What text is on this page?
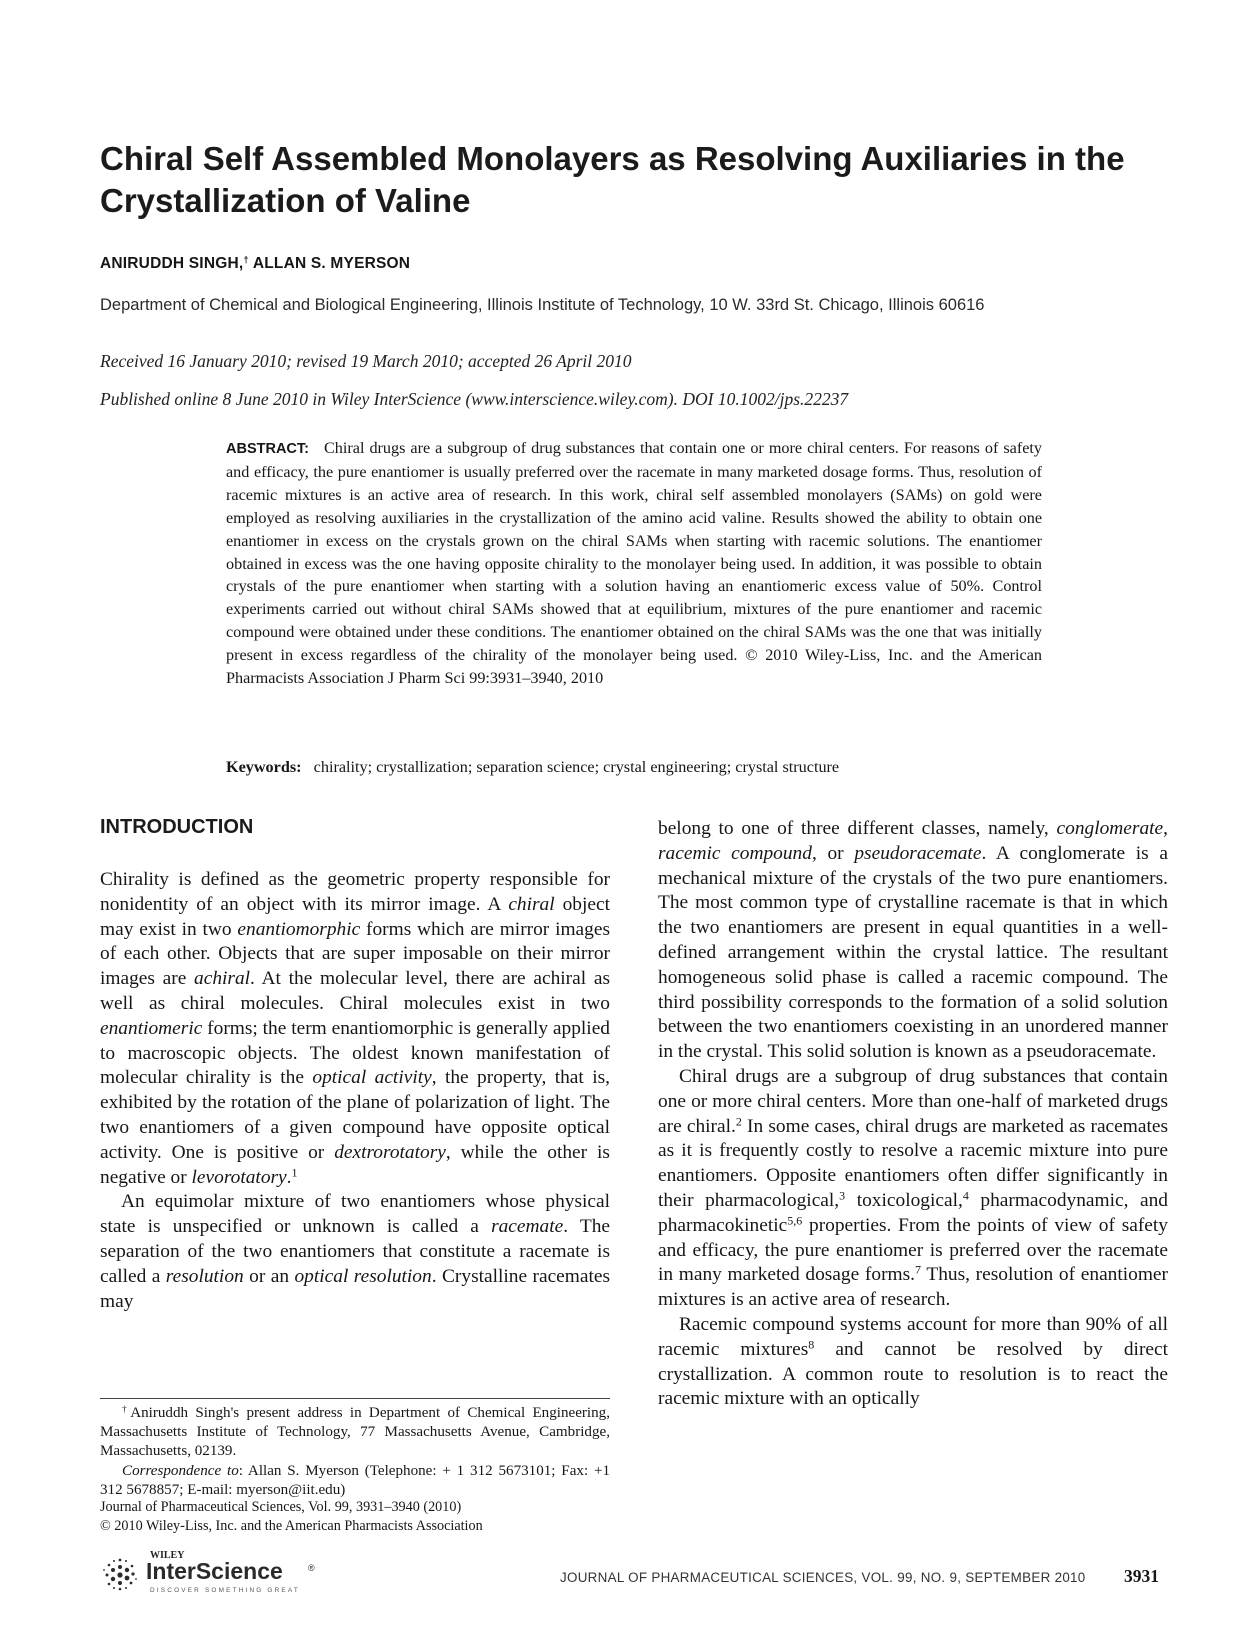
Chiral Self Assembled Monolayers as Resolving Auxiliaries in the Crystallization of Valine
ANIRUDDH SINGH,† ALLAN S. MYERSON
Department of Chemical and Biological Engineering, Illinois Institute of Technology, 10 W. 33rd St. Chicago, Illinois 60616
Received 16 January 2010; revised 19 March 2010; accepted 26 April 2010
Published online 8 June 2010 in Wiley InterScience (www.interscience.wiley.com). DOI 10.1002/jps.22237

ABSTRACT: Chiral drugs are a subgroup of drug substances that contain one or more chiral centers. For reasons of safety and efficacy, the pure enantiomer is usually preferred over the racemate in many marketed dosage forms. Thus, resolution of racemic mixtures is an active area of research. In this work, chiral self assembled monolayers (SAMs) on gold were employed as resolving auxiliaries in the crystallization of the amino acid valine. Results showed the ability to obtain one enantiomer in excess on the crystals grown on the chiral SAMs when starting with racemic solutions. The enantiomer obtained in excess was the one having opposite chirality to the monolayer being used. In addition, it was possible to obtain crystals of the pure enantiomer when starting with a solution having an enantiomeric excess value of 50%. Control experiments carried out without chiral SAMs showed that at equilibrium, mixtures of the pure enantiomer and racemic compound were obtained under these conditions. The enantiomer obtained on the chiral SAMs was the one that was initially present in excess regardless of the chirality of the monolayer being used. © 2010 Wiley-Liss, Inc. and the American Pharmacists Association J Pharm Sci 99:3931–3940, 2010

Keywords: chirality; crystallization; separation science; crystal engineering; crystal structure
INTRODUCTION

Chirality is defined as the geometric property responsible for nonidentity of an object with its mirror image. A chiral object may exist in two enantiomorphic forms which are mirror images of each other. Objects that are super imposable on their mirror images are achiral. At the molecular level, there are achiral as well as chiral molecules. Chiral molecules exist in two enantiomeric forms; the term enantiomorphic is generally applied to macroscopic objects. The oldest known manifestation of molecular chirality is the optical activity, the property, that is, exhibited by the rotation of the plane of polarization of light. The two enantiomers of a given compound have opposite optical activity. One is positive or dextrorotatory, while the other is negative or levorotatory.$^1$

An equimolar mixture of two enantiomers whose physical state is unspecified or unknown is called a racemate. The separation of the two enantiomers that constitute a racemate is called a resolution or an optical resolution. Crystalline racemates may

belong to one of three different classes, namely, conglomerate, racemic compound, or pseudoracemate. A conglomerate is a mechanical mixture of the crystals of the two pure enantiomers. The most common type of crystalline racemate is that in which the two enantiomers are present in equal quantities in a well-defined arrangement within the crystal lattice. The resultant homogeneous solid phase is called a racemic compound. The third possibility corresponds to the formation of a solid solution between the two enantiomers coexisting in an unordered manner in the crystal. This solid solution is known as a pseudoracemate.

Chiral drugs are a subgroup of drug substances that contain one or more chiral centers. More than one-half of marketed drugs are chiral.$^2$ In some cases, chiral drugs are marketed as racemates as it is frequently costly to resolve a racemic mixture into pure enantiomers. Opposite enantiomers often differ significantly in their pharmacological,$^3$ toxicological,$^4$ pharmacodynamic, and pharmacokinetic$^{5,6}$ properties. From the points of view of safety and efficacy, the pure enantiomer is preferred over the racemate in many marketed dosage forms.$^7$ Thus, resolution of enantiomer mixtures is an active area of research.

Racemic compound systems account for more than 90% of all racemic mixtures$^8$ and cannot be resolved by direct crystallization. A common route to resolution is to react the racemic mixture with an optically

†Aniruddh Singh's present address in Department of Chemical Engineering, Massachusetts Institute of Technology, 77 Massachusetts Avenue, Cambridge, Massachusetts, 02139.

Correspondence to: Allan S. Myerson (Telephone: + 1 312 5673101; Fax: +1 312 5678857; E-mail: myerson@iit.edu)

Journal of Pharmaceutical Sciences, Vol. 99, 3931–3940 (2010)
© 2010 Wiley-Liss, Inc. and the American Pharmacists Association
WILEY
InterScience	®
DISCOVER SOMETHING GREAT
JOURNAL OF PHARMACEUTICAL SCIENCES, VOL. 99, NO. 9, SEPTEMBER 2010 3931
